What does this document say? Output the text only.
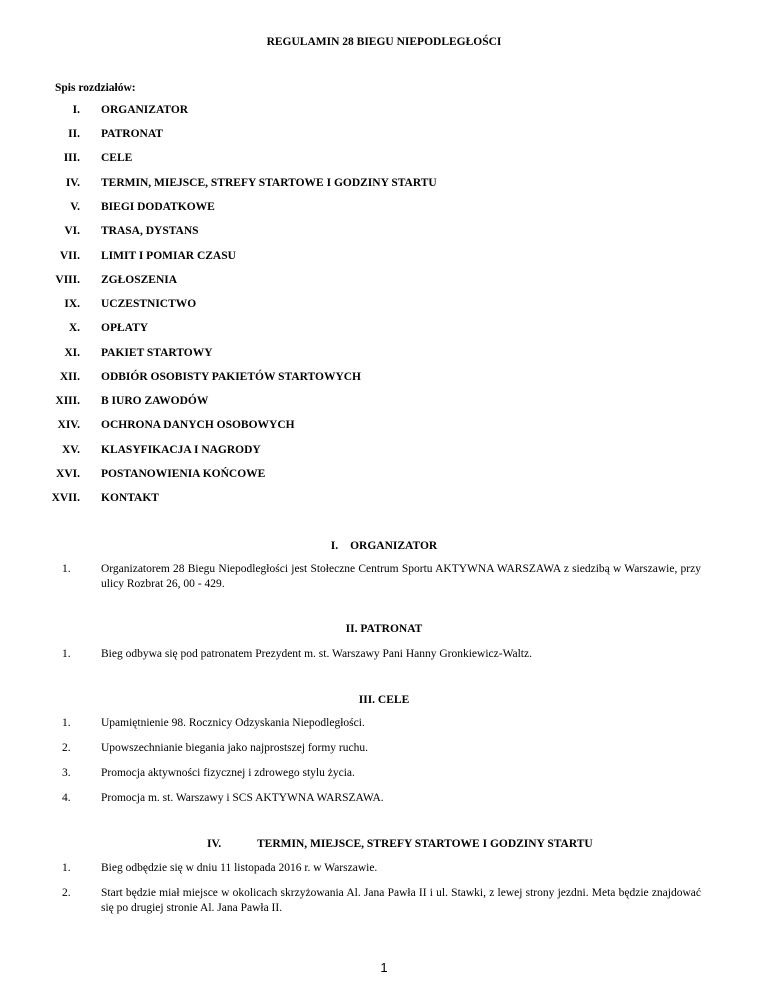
REGULAMIN 28 BIEGU NIEPODLEGŁOŚCI
Spis rozdziałów:
I. ORGANIZATOR
II. PATRONAT
III. CELE
IV. TERMIN, MIEJSCE, STREFY STARTOWE I GODZINY STARTU
V. BIEGI DODATKOWE
VI. TRASA, DYSTANS
VII. LIMIT I POMIAR CZASU
VIII. ZGŁOSZENIA
IX. UCZESTNICTWO
X. OPŁATY
XI. PAKIET STARTOWY
XII. ODBIÓR OSOBISTY PAKIETÓW STARTOWYCH
XIII. B IURO ZAWODÓW
XIV. OCHRONA DANYCH OSOBOWYCH
XV. KLASYFIKACJA I NAGRODY
XVI. POSTANOWIENIA KOŃCOWE
XVII. KONTAKT
I. ORGANIZATOR
1.	Organizatorem 28 Biegu Niepodległości jest Stołeczne Centrum Sportu AKTYWNA WARSZAWA z siedzibą w Warszawie, przy ulicy Rozbrat 26, 00 - 429.
II. PATRONAT
1.	Bieg odbywa się pod patronatem Prezydent m. st. Warszawy Pani Hanny Gronkiewicz-Waltz.
III. CELE
1.	Upamiętnienie 98. Rocznicy Odzyskania Niepodległości.
2.	Upowszechnianie biegania jako najprostszej formy ruchu.
3.	Promocja aktywności fizycznej i zdrowego stylu życia.
4.	Promocja m. st. Warszawy i SCS AKTYWNA WARSZAWA.
IV.	TERMIN, MIEJSCE, STREFY STARTOWE I GODZINY STARTU
1.	Bieg odbędzie się w dniu 11 listopada 2016 r. w Warszawie.
2.	Start będzie miał miejsce w okolicach skrzyżowania Al. Jana Pawła II i ul. Stawki, z lewej strony jezdni. Meta będzie znajdować się po drugiej stronie Al. Jana Pawła II.
1
